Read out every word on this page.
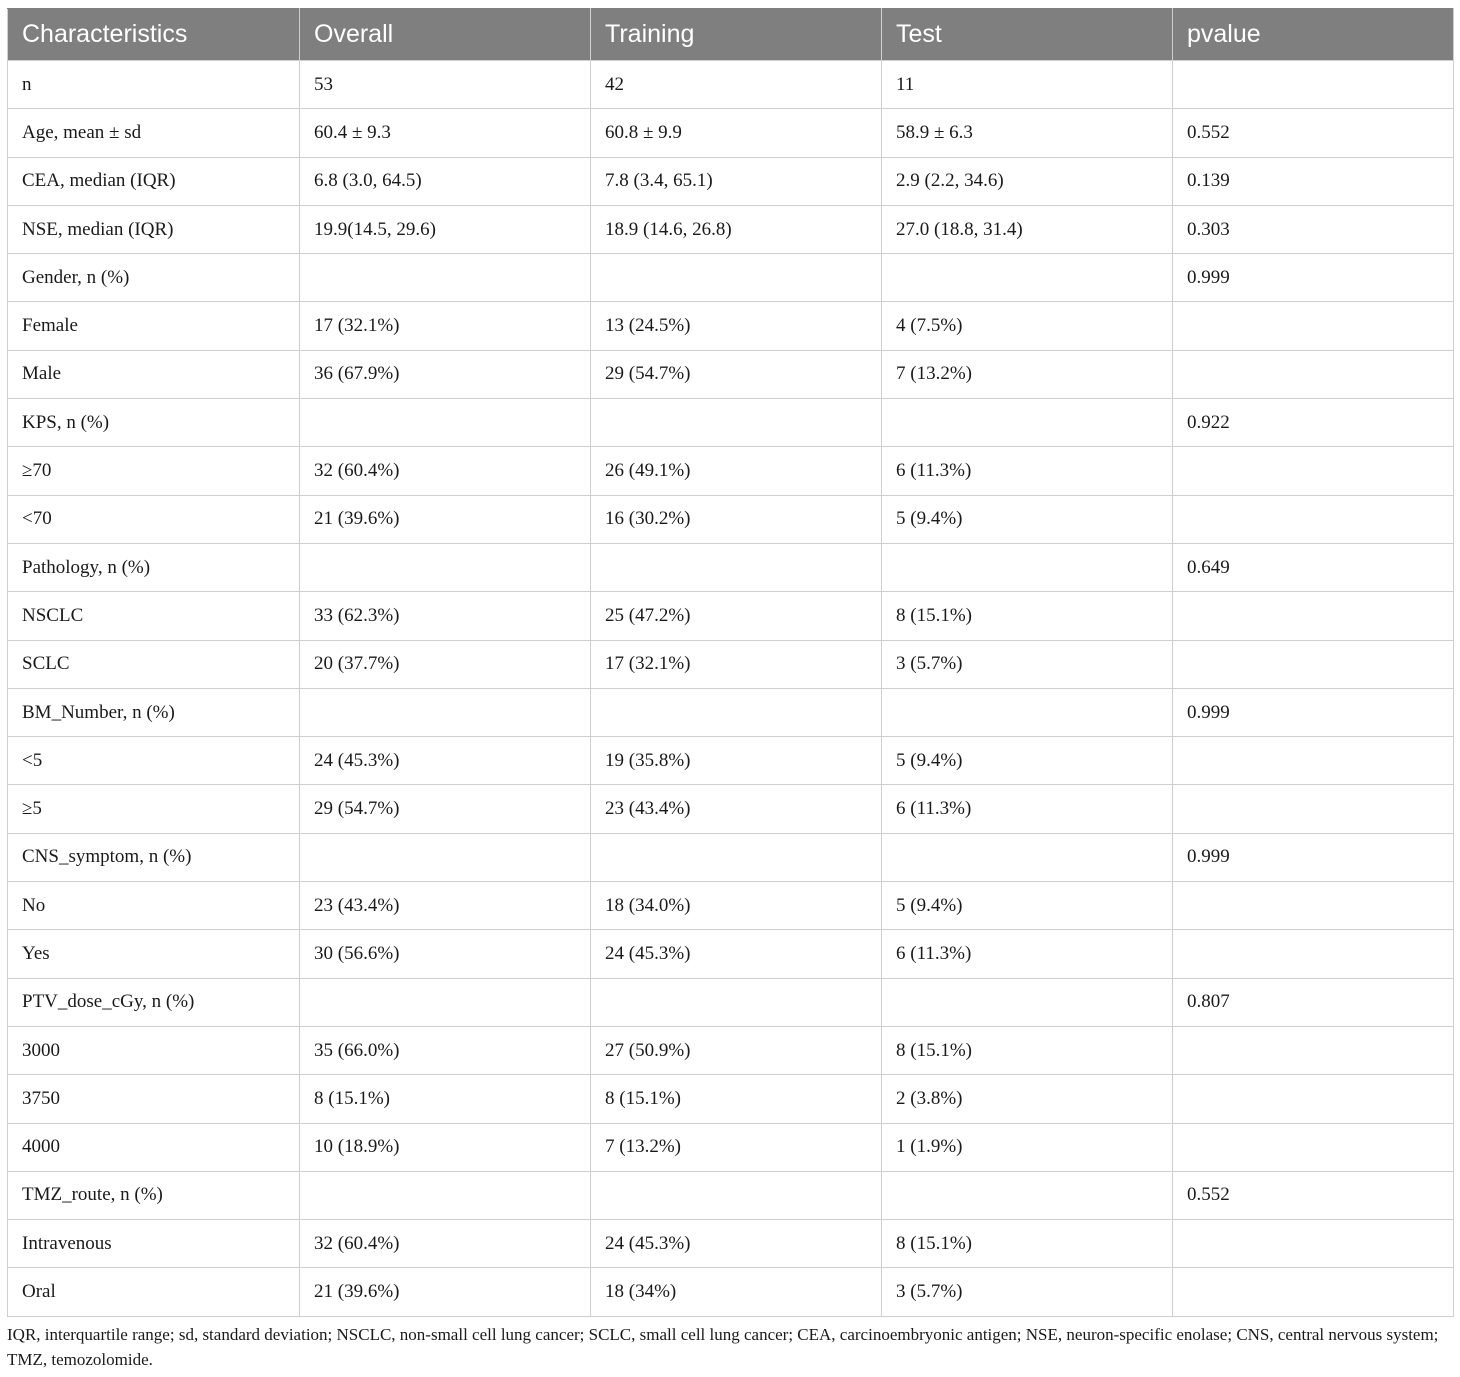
Characteristics	Overall	Training	Test	pvalue
n	53	42	11	
Age, mean ± sd	60.4 ± 9.3	60.8 ± 9.9	58.9 ± 6.3	0.552
CEA, median (IQR)	6.8 (3.0, 64.5)	7.8 (3.4, 65.1)	2.9 (2.2, 34.6)	0.139
NSE, median (IQR)	19.9(14.5, 29.6)	18.9 (14.6, 26.8)	27.0 (18.8, 31.4)	0.303
Gender, n (%)				0.999
Female	17 (32.1%)	13 (24.5%)	4 (7.5%)	
Male	36 (67.9%)	29 (54.7%)	7 (13.2%)	
KPS, n (%)				0.922
≥70	32 (60.4%)	26 (49.1%)	6 (11.3%)	
<70	21 (39.6%)	16 (30.2%)	5 (9.4%)	
Pathology, n (%)				0.649
NSCLC	33 (62.3%)	25 (47.2%)	8 (15.1%)	
SCLC	20 (37.7%)	17 (32.1%)	3 (5.7%)	
BM_Number, n (%)				0.999
<5	24 (45.3%)	19 (35.8%)	5 (9.4%)	
≥5	29 (54.7%)	23 (43.4%)	6 (11.3%)	
CNS_symptom, n (%)				0.999
No	23 (43.4%)	18 (34.0%)	5 (9.4%)	
Yes	30 (56.6%)	24 (45.3%)	6 (11.3%)	
PTV_dose_cGy, n (%)				0.807
3000	35 (66.0%)	27 (50.9%)	8 (15.1%)	
3750	8 (15.1%)	8 (15.1%)	2 (3.8%)	
4000	10 (18.9%)	7 (13.2%)	1 (1.9%)	
TMZ_route, n (%)				0.552
Intravenous	32 (60.4%)	24 (45.3%)	8 (15.1%)	
Oral	21 (39.6%)	18 (34%)	3 (5.7%)	
IQR, interquartile range; sd, standard deviation; NSCLC, non-small cell lung cancer; SCLC, small cell lung cancer; CEA, carcinoembryonic antigen; NSE, neuron-specific enolase; CNS, central nervous system; TMZ, temozolomide.
